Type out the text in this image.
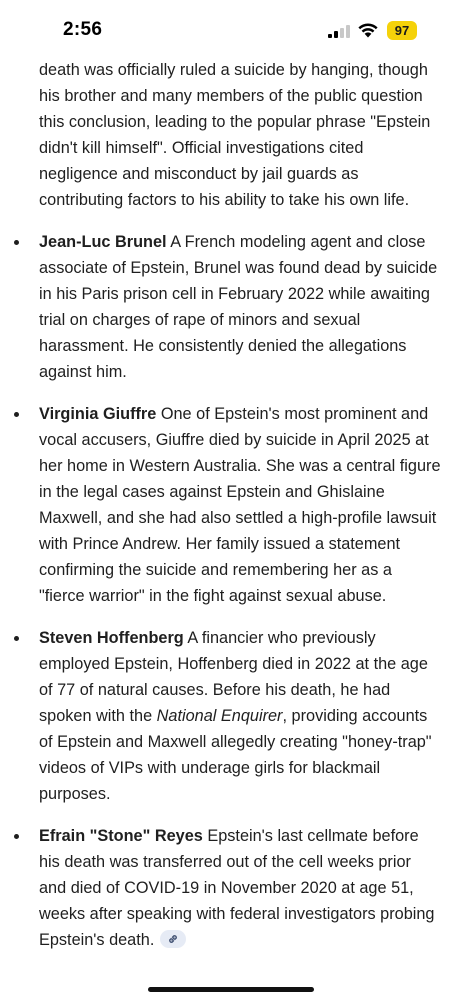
2:56	97

death was officially ruled a suicide by hanging, though his brother and many members of the public question this conclusion, leading to the popular phrase "Epstein didn't kill himself". Official investigations cited negligence and misconduct by jail guards as contributing factors to his ability to take his own life.

Jean-Luc Brunel A French modeling agent and close associate of Epstein, Brunel was found dead by suicide in his Paris prison cell in February 2022 while awaiting trial on charges of rape of minors and sexual harassment. He consistently denied the allegations against him.
Virginia Giuffre One of Epstein's most prominent and vocal accusers, Giuffre died by suicide in April 2025 at her home in Western Australia. She was a central figure in the legal cases against Epstein and Ghislaine Maxwell, and she had also settled a high-profile lawsuit with Prince Andrew. Her family issued a statement confirming the suicide and remembering her as a "fierce warrior" in the fight against sexual abuse.
Steven Hoffenberg A financier who previously employed Epstein, Hoffenberg died in 2022 at the age of 77 of natural causes. Before his death, he had spoken with the National Enquirer, providing accounts of Epstein and Maxwell allegedly creating "honey-trap" videos of VIPs with underage girls for blackmail purposes.
Efrain "Stone" Reyes Epstein's last cellmate before his death was transferred out of the cell weeks prior and died of COVID-19 in November 2020 at age 51, weeks after speaking with federal investigators probing Epstein's death.
